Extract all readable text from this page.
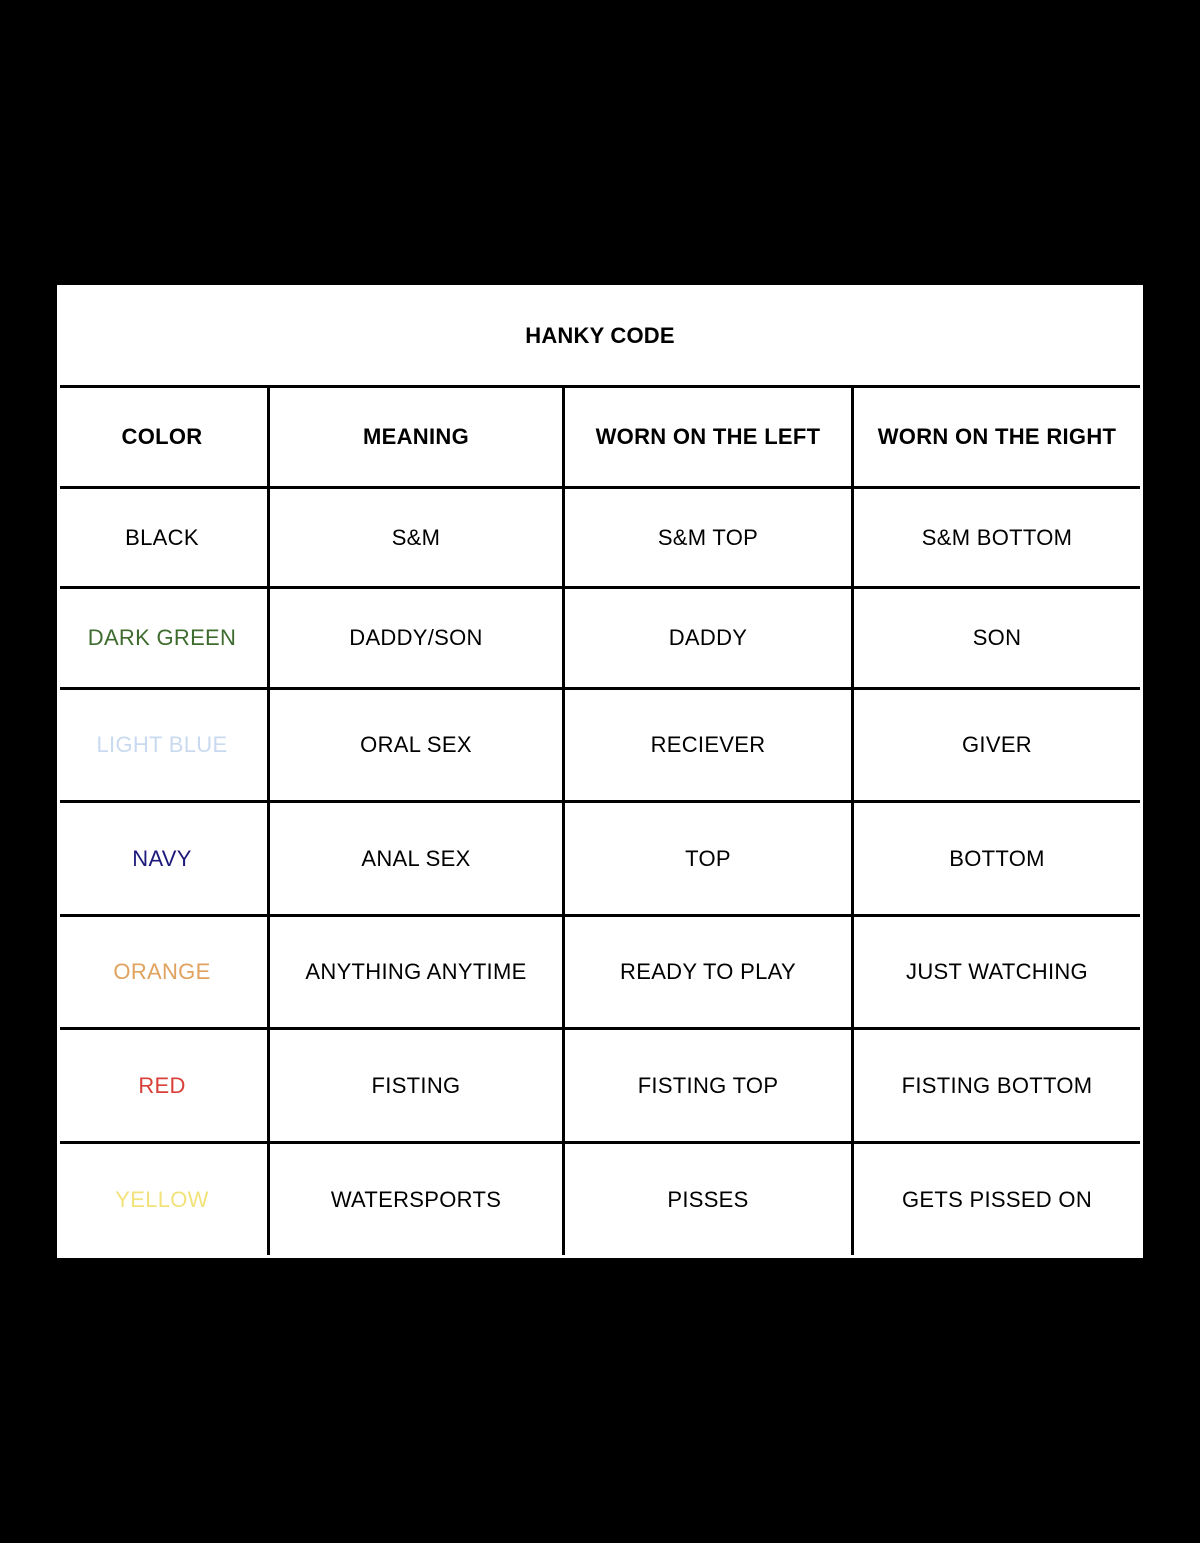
HANKY CODE
COLOR	MEANING	WORN ON THE LEFT	WORN ON THE RIGHT
BLACK	S&M	S&M TOP	S&M BOTTOM
DARK GREEN	DADDY/SON	DADDY	SON
LIGHT BLUE	ORAL SEX	RECIEVER	GIVER
NAVY	ANAL SEX	TOP	BOTTOM
ORANGE	ANYTHING ANYTIME	READY TO PLAY	JUST WATCHING
RED	FISTING	FISTING TOP	FISTING BOTTOM
YELLOW	WATERSPORTS	PISSES	GETS PISSED ON
